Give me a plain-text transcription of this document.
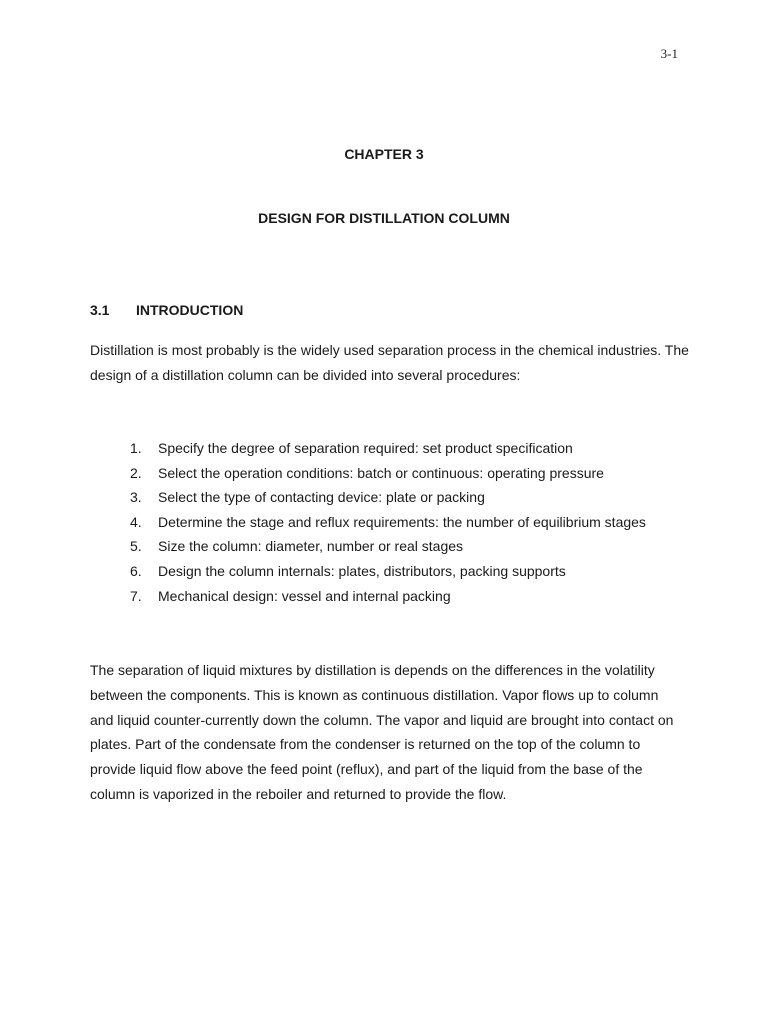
3-1
CHAPTER 3
DESIGN FOR DISTILLATION COLUMN
3.1	INTRODUCTION

Distillation is most probably is the widely used separation process in the chemical industries. The design of a distillation column can be divided into several procedures:

1.	Specify the degree of separation required: set product specification
2.	Select the operation conditions: batch or continuous: operating pressure
3.	Select the type of contacting device: plate or packing
4.	Determine the stage and reflux requirements: the number of equilibrium stages
5.	Size the column: diameter, number or real stages
6.	Design the column internals: plates, distributors, packing supports
7.	Mechanical design: vessel and internal packing

The separation of liquid mixtures by distillation is depends on the differences in the volatility between the components. This is known as continuous distillation. Vapor flows up to column and liquid counter-currently down the column. The vapor and liquid are brought into contact on plates. Part of the condensate from the condenser is returned on the top of the column to provide liquid flow above the feed point (reflux), and part of the liquid from the base of the column is vaporized in the reboiler and returned to provide the flow.
